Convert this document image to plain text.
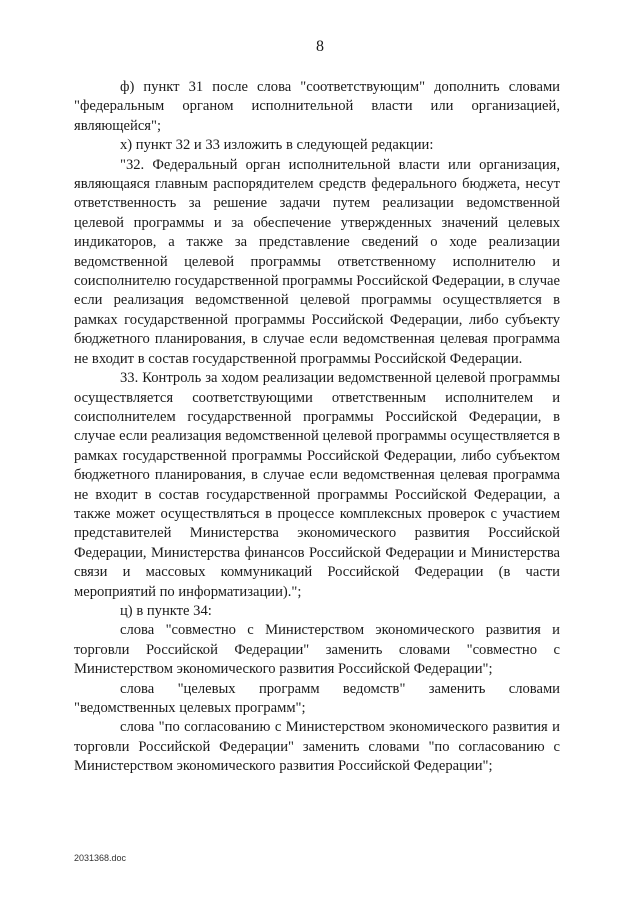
8

ф) пункт 31 после слова "соответствующим" дополнить словами "федеральным органом исполнительной власти или организацией, являющейся";

х) пункт 32 и 33 изложить в следующей редакции:

"32. Федеральный орган исполнительной власти или организация, являющаяся главным распорядителем средств федерального бюджета, несут ответственность за решение задачи путем реализации ведомственной целевой программы и за обеспечение утвержденных значений целевых индикаторов, а также за представление сведений о ходе реализации ведомственной целевой программы ответственному исполнителю и соисполнителю государственной программы Российской Федерации, в случае если реализация ведомственной целевой программы осуществляется в рамках государственной программы Российской Федерации, либо субъекту бюджетного планирования, в случае если ведомственная целевая программа не входит в состав государственной программы Российской Федерации.

33. Контроль за ходом реализации ведомственной целевой программы осуществляется соответствующими ответственным исполнителем и соисполнителем государственной программы Российской Федерации, в случае если реализация ведомственной целевой программы осуществляется в рамках государственной программы Российской Федерации, либо субъектом бюджетного планирования, в случае если ведомственная целевая программа не входит в состав государственной программы Российской Федерации, а также может осуществляться в процессе комплексных проверок с участием представителей Министерства экономического развития Российской Федерации, Министерства финансов Российской Федерации и Министерства связи и массовых коммуникаций Российской Федерации (в части мероприятий по информатизации).";

ц) в пункте 34:

слова "совместно с Министерством экономического развития и торговли Российской Федерации" заменить словами "совместно с Министерством экономического развития Российской Федерации";

слова "целевых программ ведомств" заменить словами "ведомственных целевых программ";

слова "по согласованию с Министерством экономического развития и торговли Российской Федерации" заменить словами "по согласованию с Министерством экономического развития Российской Федерации";

2031368.doc
